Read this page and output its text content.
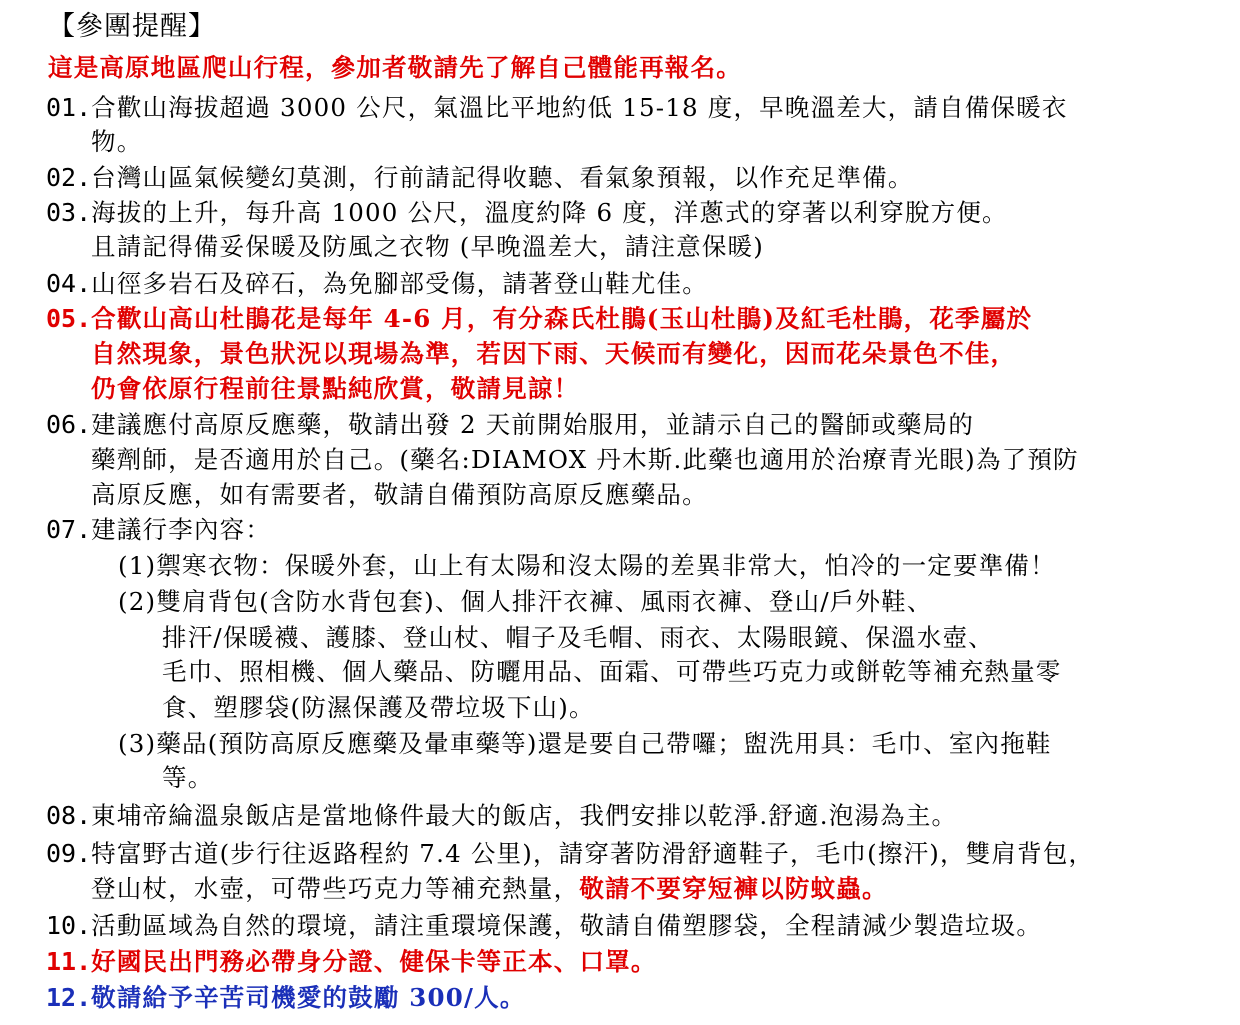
【參團提醒】
這是高原地區爬山行程，參加者敬請先了解自己體能再報名。
01.合歡山海拔超過 3000 公尺，氣溫比平地約低 15-18 度，早晚溫差大，請自備保暖衣
物。
02.台灣山區氣候變幻莫測，行前請記得收聽、看氣象預報，以作充足準備。
03.海拔的上升，每升高 1000 公尺，溫度約降 6 度，洋蔥式的穿著以利穿脫方便。
且請記得備妥保暖及防風之衣物 (早晚溫差大，請注意保暖)
04.山徑多岩石及碎石，為免腳部受傷，請著登山鞋尤佳。
05.合歡山高山杜鵑花是每年 4-6 月，有分森氏杜鵑(玉山杜鵑)及紅毛杜鵑，花季屬於
自然現象，景色狀況以現場為準，若因下雨、天候而有變化，因而花朵景色不佳，
仍會依原行程前往景點純欣賞，敬請見諒！
06.建議應付高原反應藥，敬請出發 2 天前開始服用，並請示自己的醫師或藥局的
藥劑師，是否適用於自己。(藥名:DIAMOX 丹木斯.此藥也適用於治療青光眼)為了預防
高原反應，如有需要者，敬請自備預防高原反應藥品。
07.建議行李內容：
(1)禦寒衣物：保暖外套，山上有太陽和沒太陽的差異非常大，怕冷的一定要準備！
(2)雙肩背包(含防水背包套)、個人排汗衣褲、風雨衣褲、登山/戶外鞋、
排汗/保暖襪、護膝、登山杖、帽子及毛帽、雨衣、太陽眼鏡、保溫水壺、
毛巾、照相機、個人藥品、防曬用品、面霜、可帶些巧克力或餅乾等補充熱量零
食、塑膠袋(防濕保護及帶垃圾下山)。
(3)藥品(預防高原反應藥及暈車藥等)還是要自己帶囉；盥洗用具：毛巾、室內拖鞋
等。
08.東埔帝綸溫泉飯店是當地條件最大的飯店，我們安排以乾淨.舒適.泡湯為主。
09.特富野古道(步行往返路程約 7.4 公里)，請穿著防滑舒適鞋子，毛巾(擦汗)，雙肩背包，
登山杖，水壺，可帶些巧克力等補充熱量，敬請不要穿短褲以防蚊蟲。
10.活動區域為自然的環境，請注重環境保護，敬請自備塑膠袋，全程請減少製造垃圾。
11.好國民出門務必帶身分證、健保卡等正本、口罩。
12.敬請給予辛苦司機愛的鼓勵 300/人。
